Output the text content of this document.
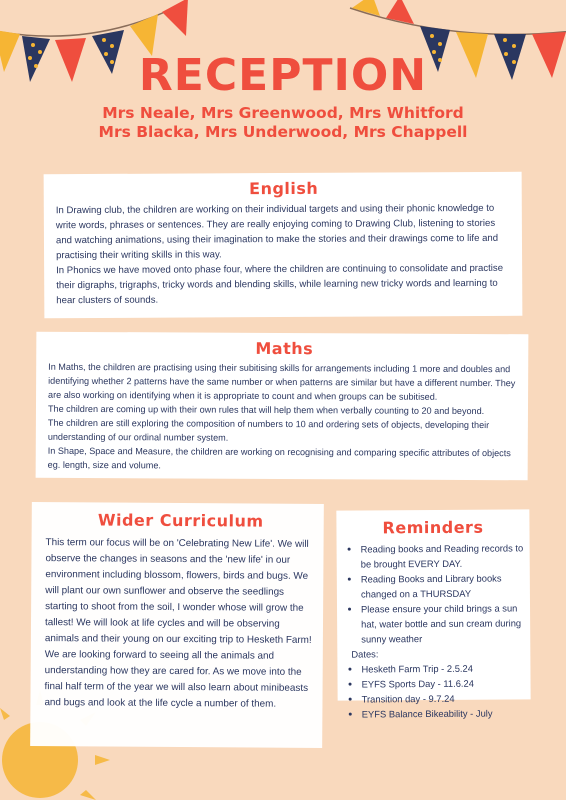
RECEPTION
Mrs Neale, Mrs Greenwood, Mrs Whitford
Mrs Blacka, Mrs Underwood, Mrs Chappell
English

In Drawing club, the children are working on their individual targets and using their phonic knowledge to write words, phrases or sentences. They are really enjoying coming to Drawing Club, listening to stories and watching animations, using their imagination to make the stories and their drawings come to life and practising their writing skills in this way.

In Phonics we have moved onto phase four, where the children are continuing to consolidate and practise their digraphs, trigraphs, tricky words and blending skills, while learning new tricky words and learning to hear clusters of sounds.

Maths

In Maths, the children are practising using their subitising skills for arrangements including 1 more and doubles and identifying whether 2 patterns have the same number or when patterns are similar but have a different number. They are also working on identifying when it is appropriate to count and when groups can be subitised.

The children are coming up with their own rules that will help them when verbally counting to 20 and beyond.

The children are still exploring the composition of numbers to 10 and ordering sets of objects, developing their understanding of our ordinal number system.

In Shape, Space and Measure, the children are working on recognising and comparing specific attributes of objects eg. length, size and volume.

Wider Curriculum

This term our focus will be on 'Celebrating New Life'. We will observe the changes in seasons and the 'new life' in our environment including blossom, flowers, birds and bugs. We will plant our own sunflower and observe the seedlings starting to shoot from the soil, I wonder whose will grow the tallest! We will look at life cycles and will be observing animals and their young on our exciting trip to Hesketh Farm! We are looking forward to seeing all the animals and understanding how they are cared for. As we move into the final half term of the year we will also learn about minibeasts and bugs and look at the life cycle a number of them.

Reminders
• Reading books and Reading records to be brought EVERY DAY.
• Reading Books and Library books changed on a THURSDAY
• Please ensure your child brings a sun hat, water bottle and sun cream during sunny weather

Dates:

• Hesketh Farm Trip - 2.5.24
• EYFS Sports Day - 11.6.24
• Transition day - 9.7.24
• EYFS Balance Bikeability - July
